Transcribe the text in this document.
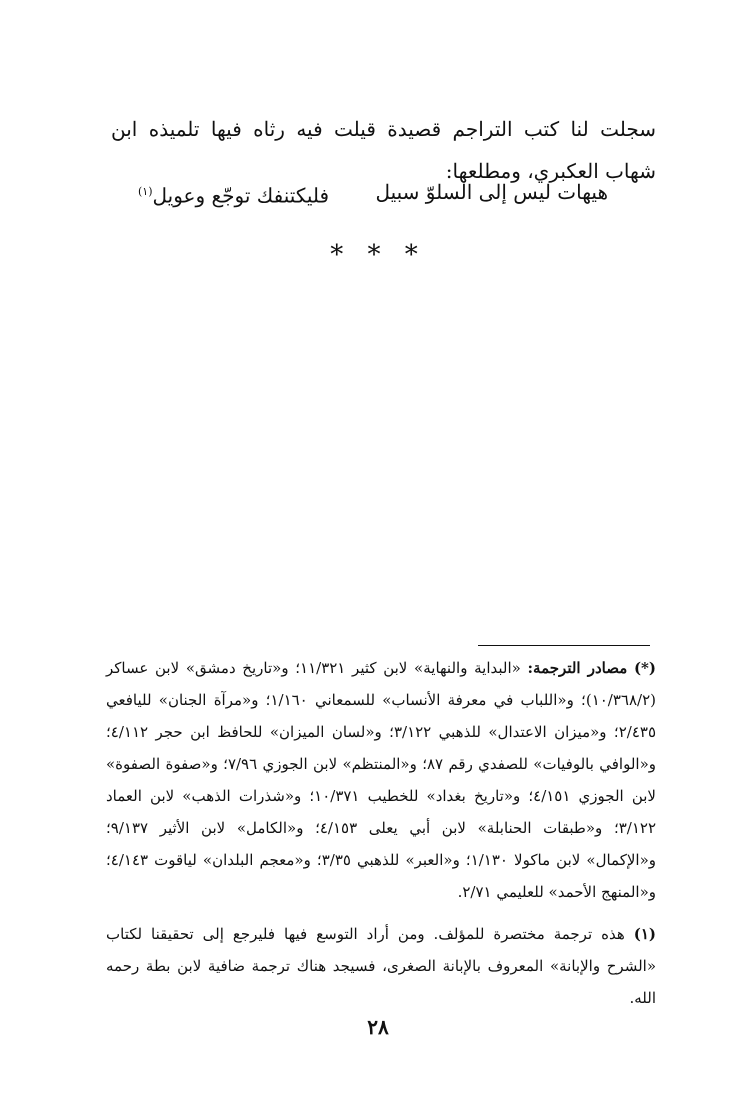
سجلت لنا كتب التراجم قصيدة قيلت فيه رثاه فيها تلميذه ابن شهاب العكبري، ومطلعها:

هيهات ليس إلى السلوّ سبيل
فليكتنفك توجّع وعويل$^{(١)}$
* * *

(*) مصادر الترجمة: «البداية والنهاية» لابن كثير ١١/٣٢١؛ و«تاريخ دمشق» لابن عساكر (١٠/٣٦٨/٢)؛ و«اللباب في معرفة الأنساب» للسمعاني ١/١٦٠؛ و«مرآة الجنان» لليافعي ٢/٤٣٥؛ و«ميزان الاعتدال» للذهبي ٣/١٢٢؛ و«لسان الميزان» للحافظ ابن حجر ٤/١١٢؛ و«الوافي بالوفيات» للصفدي رقم ٨٧؛ و«المنتظم» لابن الجوزي ٧/٩٦؛ و«صفوة الصفوة» لابن الجوزي ٤/١٥١؛ و«تاريخ بغداد» للخطيب ١٠/٣٧١؛ و«شذرات الذهب» لابن العماد ٣/١٢٢؛ و«طبقات الحنابلة» لابن أبي يعلى ٤/١٥٣؛ و«الكامل» لابن الأثير ٩/١٣٧؛ و«الإكمال» لابن ماكولا ١/١٣٠؛ و«العبر» للذهبي ٣/٣٥؛ و«معجم البلدان» لياقوت ٤/١٤٣؛ و«المنهج الأحمد» للعليمي ٢/٧١.

(١) هذه ترجمة مختصرة للمؤلف. ومن أراد التوسع فيها فليرجع إلى تحقيقنا لكتاب «الشرح والإبانة» المعروف بالإبانة الصغرى، فسيجد هناك ترجمة ضافية لابن بطة رحمه الله.

٢٨
